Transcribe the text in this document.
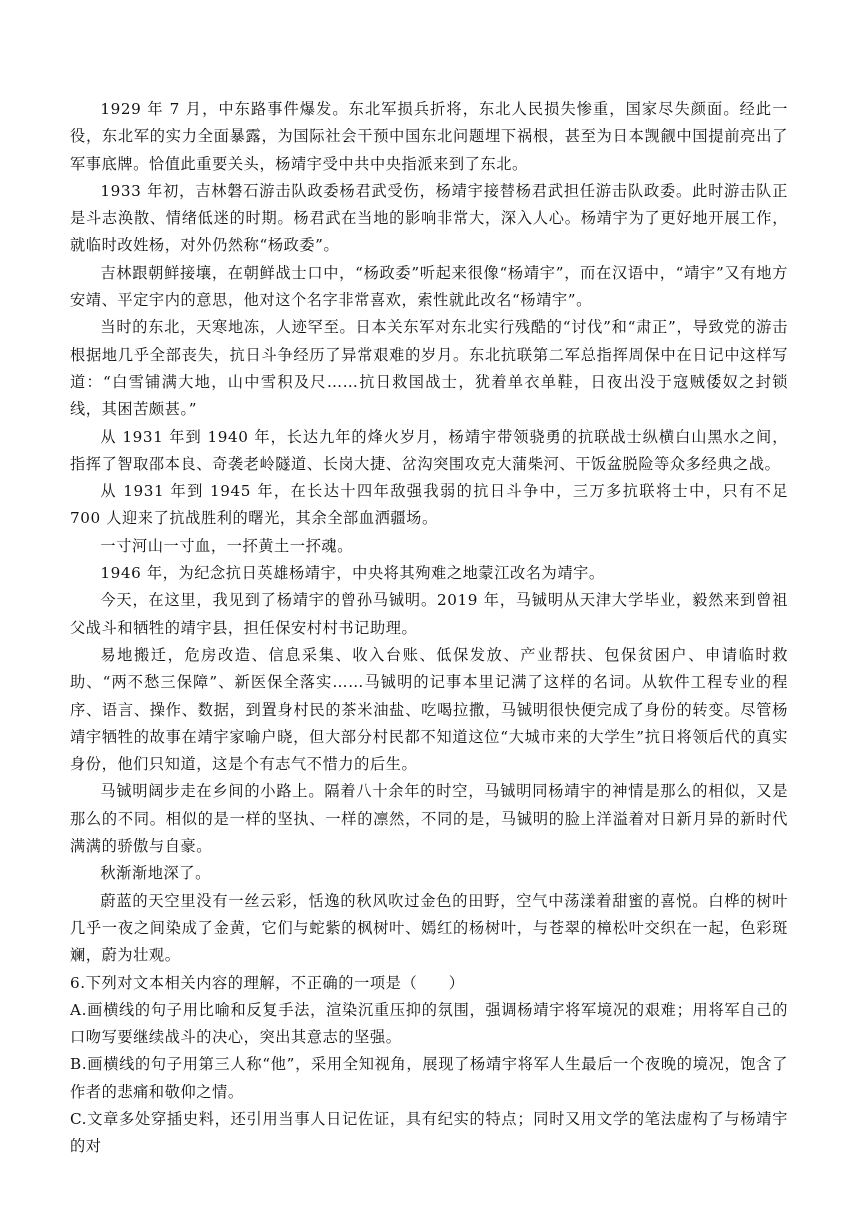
1929 年 7 月，中东路事件爆发。东北军损兵折将，东北人民损失惨重，国家尽失颜面。经此一役，东北军的实力全面暴露，为国际社会干预中国东北问题埋下祸根，甚至为日本觊觎中国提前亮出了军事底牌。恰值此重要关头，杨靖宇受中共中央指派来到了东北。

1933 年初，吉林磐石游击队政委杨君武受伤，杨靖宇接替杨君武担任游击队政委。此时游击队正是斗志涣散、情绪低迷的时期。杨君武在当地的影响非常大，深入人心。杨靖宇为了更好地开展工作，就临时改姓杨，对外仍然称“杨政委”。

吉林跟朝鲜接壤，在朝鲜战士口中，“杨政委”听起来很像“杨靖宇”，而在汉语中，“靖宇”又有地方安靖、平定宇内的意思，他对这个名字非常喜欢，索性就此改名“杨靖宇”。

当时的东北，天寒地冻，人迹罕至。日本关东军对东北实行残酷的“讨伐”和“肃正”，导致党的游击根据地几乎全部丧失，抗日斗争经历了异常艰难的岁月。东北抗联第二军总指挥周保中在日记中这样写道：“白雪铺满大地，山中雪积及尺……抗日救国战士，犹着单衣单鞋，日夜出没于寇贼倭奴之封锁线，其困苦颇甚。”

从 1931 年到 1940 年，长达九年的烽火岁月，杨靖宇带领骁勇的抗联战士纵横白山黑水之间，指挥了智取邵本良、奇袭老岭隧道、长岗大捷、岔沟突围攻克大蒲柴河、干饭盆脱险等众多经典之战。

从 1931 年到 1945 年，在长达十四年敌强我弱的抗日斗争中，三万多抗联将士中，只有不足 700 人迎来了抗战胜利的曙光，其余全部血洒疆场。

一寸河山一寸血，一抔黄土一抔魂。

1946 年，为纪念抗日英雄杨靖宇，中央将其殉难之地蒙江改名为靖宇。

今天，在这里，我见到了杨靖宇的曾孙马铖明。2019 年，马铖明从天津大学毕业，毅然来到曾祖父战斗和牺牲的靖宇县，担任保安村村书记助理。

易地搬迁，危房改造、信息采集、收入台账、低保发放、产业帮扶、包保贫困户、申请临时救助、“两不愁三保障”、新医保全落实……马铖明的记事本里记满了这样的名词。从软件工程专业的程序、语言、操作、数据，到置身村民的茶米油盐、吃喝拉撒，马铖明很快便完成了身份的转变。尽管杨靖宇牺牲的故事在靖宇家喻户晓，但大部分村民都不知道这位“大城市来的大学生”抗日将领后代的真实身份，他们只知道，这是个有志气不惜力的后生。

马铖明阔步走在乡间的小路上。隔着八十余年的时空，马铖明同杨靖宇的神情是那么的相似，又是那么的不同。相似的是一样的坚执、一样的凛然，不同的是，马铖明的脸上洋溢着对日新月异的新时代满满的骄傲与自豪。

秋渐渐地深了。

蔚蓝的天空里没有一丝云彩，恬逸的秋风吹过金色的田野，空气中荡漾着甜蜜的喜悦。白桦的树叶几乎一夜之间染成了金黄，它们与蛇紫的枫树叶、嫣红的杨树叶，与苍翠的樟松叶交织在一起，色彩斑斓，蔚为壮观。

6.下列对文本相关内容的理解，不正确的一项是（　　）

A.画横线的句子用比喻和反复手法，渲染沉重压抑的氛围，强调杨靖宇将军境况的艰难；用将军自己的口吻写要继续战斗的决心，突出其意志的坚强。

B.画横线的句子用第三人称“他”，采用全知视角，展现了杨靖宇将军人生最后一个夜晚的境况，饱含了作者的悲痛和敬仰之情。

C.文章多处穿插史料，还引用当事人日记佐证，具有纪实的特点；同时又用文学的笔法虚构了与杨靖宇的对
